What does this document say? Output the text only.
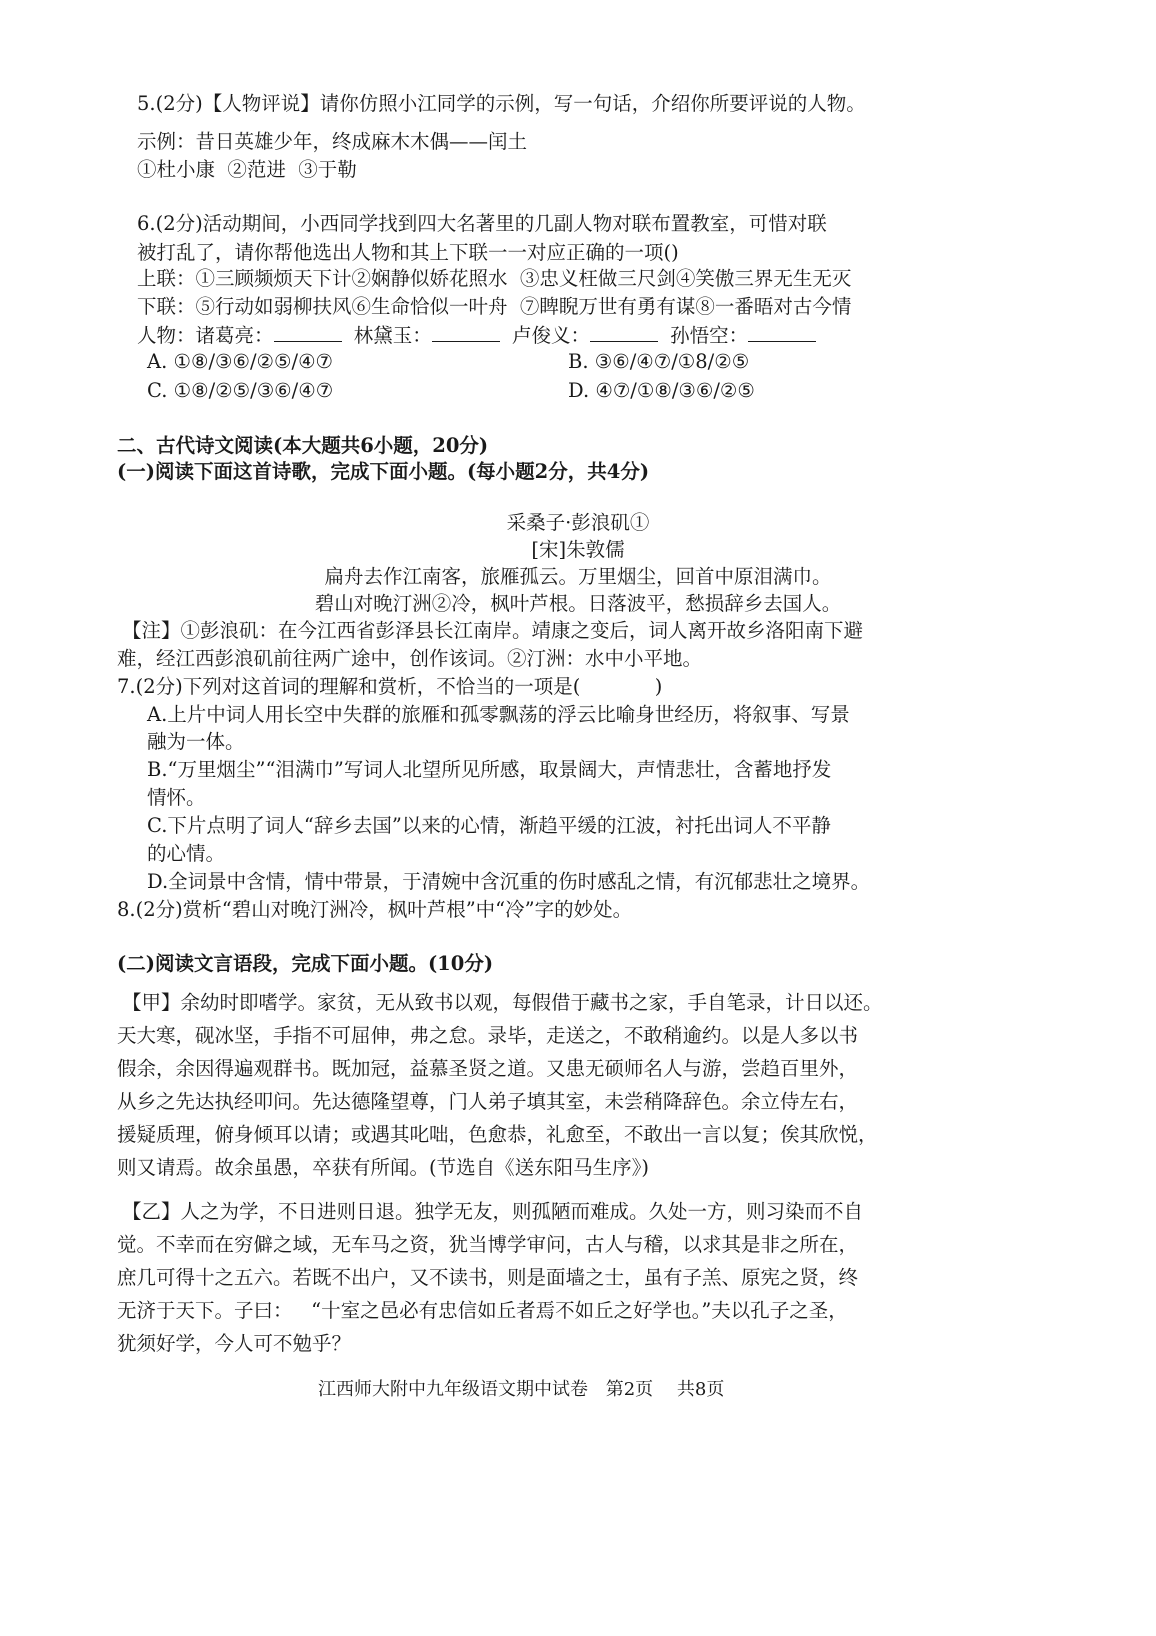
5.(2分)【人物评说】请你仿照小江同学的示例，写一句话，介绍你所要评说的人物。
示例：昔日英雄少年，终成麻木木偶——闰土
①杜小康  ②范进  ③于勒
6.(2分)活动期间，小西同学找到四大名著里的几副人物对联布置教室，可惜对联
被打乱了，请你帮他选出人物和其上下联一一对应正确的一项()
上联：①三顾频烦天下计②娴静似娇花照水  ③忠义枉做三尺剑④笑傲三界无生无灭
下联：⑤行动如弱柳扶风⑥生命恰似一叶舟  ⑦睥睨万世有勇有谋⑧一番晤对古今情
人物：诸葛亮：	林黛玉：	卢俊义：	孙悟空：
A. ①⑧/③⑥/②⑤/④⑦	B. ③⑥/④⑦/①8/②⑤
C. ①⑧/②⑤/③⑥/④⑦	D. ④⑦/①⑧/③⑥/②⑤
二、古代诗文阅读(本大题共6小题，20分)
(一)阅读下面这首诗歌，完成下面小题。(每小题2分，共4分)
采桑子·彭浪矶①
[宋]朱敦儒
扁舟去作江南客，旅雁孤云。万里烟尘，回首中原泪满巾。
碧山对晚汀洲②冷，枫叶芦根。日落波平，愁损辞乡去国人。
【注】①彭浪矶：在今江西省彭泽县长江南岸。靖康之变后，词人离开故乡洛阳南下避
难，经江西彭浪矶前往两广途中，创作该词。②汀洲：水中小平地。
7.(2分)下列对这首词的理解和赏析，不恰当的一项是(            )
A.上片中词人用长空中失群的旅雁和孤零飘荡的浮云比喻身世经历，将叙事、写景
融为一体。
B.“万里烟尘”“泪满巾”写词人北望所见所感，取景阔大，声情悲壮，含蓄地抒发
情怀。
C.下片点明了词人“辞乡去国”以来的心情，渐趋平缓的江波，衬托出词人不平静
的心情。
D.全词景中含情，情中带景，于清婉中含沉重的伤时感乱之情，有沉郁悲壮之境界。
8.(2分)赏析“碧山对晚汀洲冷，枫叶芦根”中“冷”字的妙处。
(二)阅读文言语段，完成下面小题。(10分)
【甲】余幼时即嗜学。家贫，无从致书以观，每假借于藏书之家，手自笔录，计日以还。
天大寒，砚冰坚，手指不可屈伸，弗之怠。录毕，走送之，不敢稍逾约。以是人多以书
假余，余因得遍观群书。既加冠，益慕圣贤之道。又患无硕师名人与游，尝趋百里外，
从乡之先达执经叩问。先达德隆望尊，门人弟子填其室，未尝稍降辞色。余立侍左右，
援疑质理，俯身倾耳以请；或遇其叱咄，色愈恭，礼愈至，不敢出一言以复；俟其欣悦，
则又请焉。故余虽愚，卒获有所闻。(节选自《送东阳马生序》)
【乙】人之为学，不日进则日退。独学无友，则孤陋而难成。久处一方，则习染而不自
觉。不幸而在穷僻之域，无车马之资，犹当博学审问，古人与稽，以求其是非之所在，
庶几可得十之五六。若既不出户，又不读书，则是面墙之士，虽有子羔、原宪之贤，终
无济于天下。子曰：   “十室之邑必有忠信如丘者焉不如丘之好学也。”夫以孔子之圣，
犹须好学，今人可不勉乎？
江西师大附中九年级语文期中试卷 第2页 共8页
